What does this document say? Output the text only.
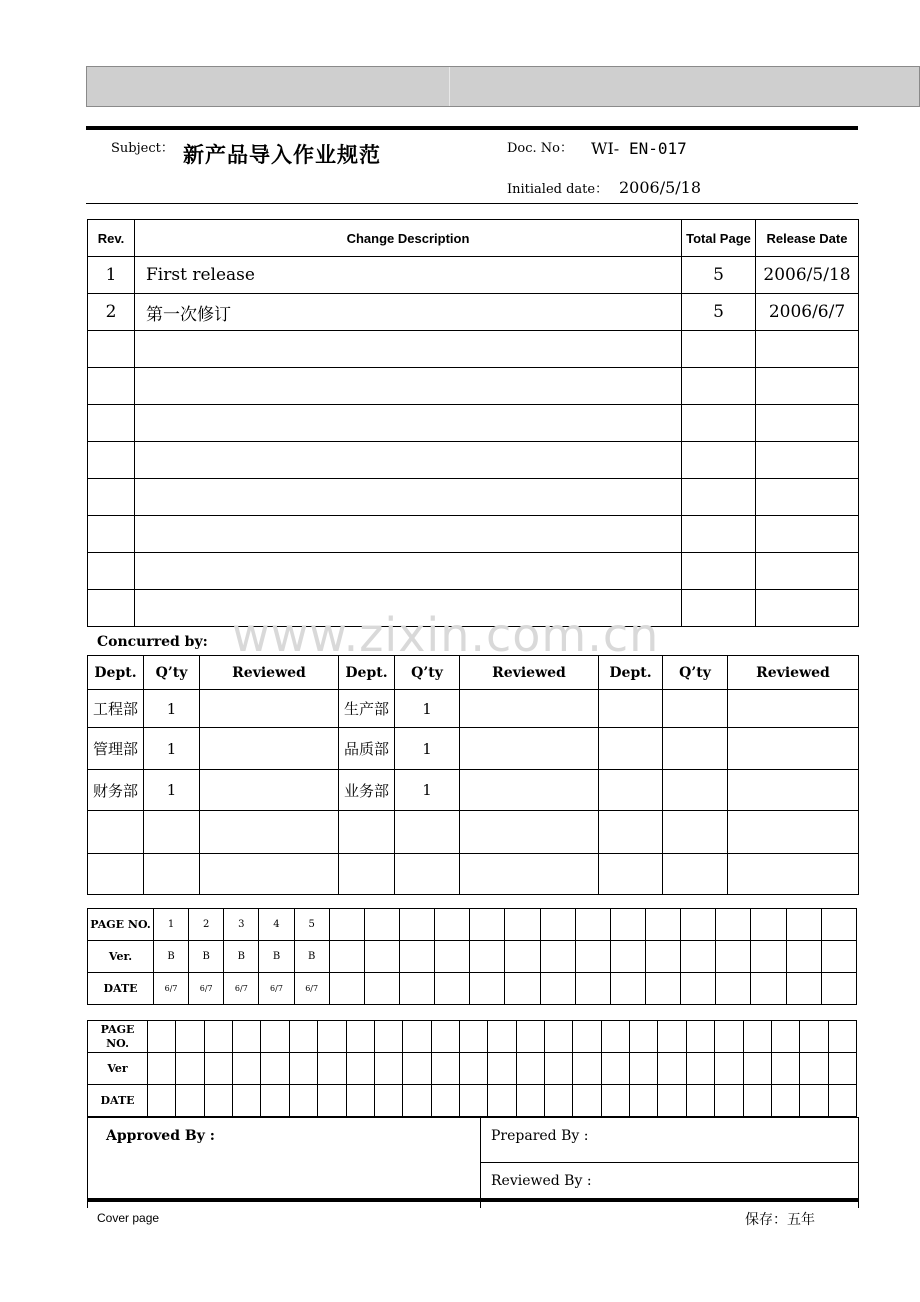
Subject： 新产品导入作业规范	Doc. No： WI- EN-017
Initialed date： 2006/5/18
Rev.	Change Description	Total Page	Release Date
1	First release	5	2006/5/18
2	第一次修订	5	2006/6/7

www.zixin.com.cn
Concurred by:
Dept.	Q’ty	Reviewed	Dept.	Q’ty	Reviewed	Dept.	Q’ty	Reviewed
工程部	1		生产部	1				
管理部	1		品质部	1				
财务部	1		业务部	1				

PAGE NO.	1	2	3	4	5															
Ver.	B	B	B	B	B															
DATE	6/7	6/7	6/7	6/7	6/7															
PAGE NO.																									
Ver																									
DATE																									
Approved By :	Prepared By :
Reviewed By :
Cover page	保存：五年
